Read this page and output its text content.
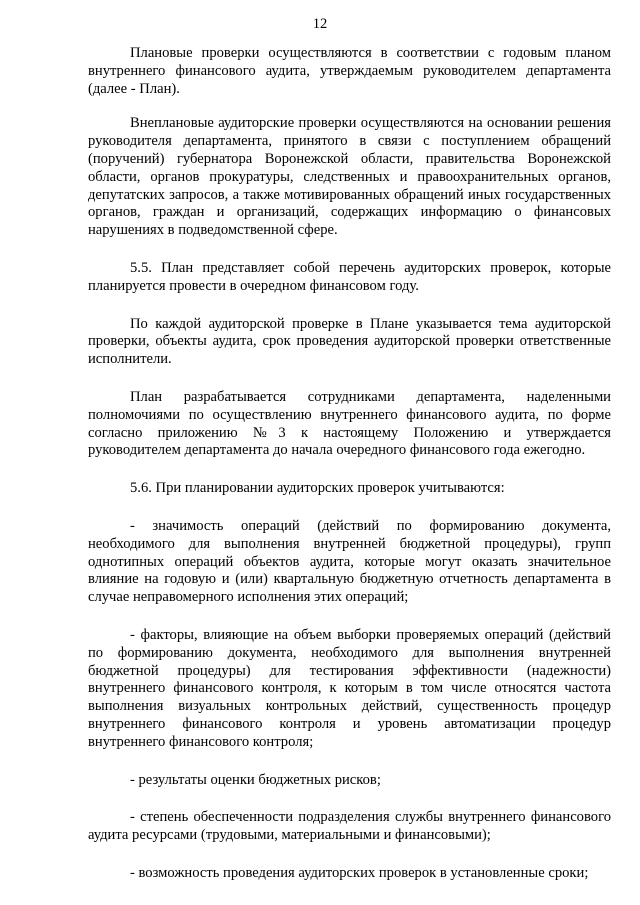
12

Плановые проверки осуществляются в соответствии с годовым планом внутреннего финансового аудита, утверждаемым руководителем департамента (далее - План).

Внеплановые аудиторские проверки осуществляются на основании решения руководителя департамента, принятого в связи с поступлением обращений (поручений) губернатора Воронежской области, правительства Воронежской области, органов прокуратуры, следственных и правоохранительных органов, депутатских запросов, а также мотивированных обращений иных государственных органов, граждан и организаций, содержащих информацию о финансовых нарушениях в подведомственной сфере.

5.5. План представляет собой перечень аудиторских проверок, которые планируется провести в очередном финансовом году.

По каждой аудиторской проверке в Плане указывается тема аудиторской проверки, объекты аудита, срок проведения аудиторской проверки ответственные исполнители.

План разрабатывается сотрудниками департамента, наделенными полномочиями по осуществлению внутреннего финансового аудита, по форме согласно приложению №3 к настоящему Положению и утверждается руководителем департамента до начала очередного финансового года ежегодно.

5.6. При планировании аудиторских проверок учитываются:

- значимость операций (действий по формированию документа, необходимого для выполнения внутренней бюджетной процедуры), групп однотипных операций объектов аудита, которые могут оказать значительное влияние на годовую и (или) квартальную бюджетную отчетность департамента в случае неправомерного исполнения этих операций;

- факторы, влияющие на объем выборки проверяемых операций (действий по формированию документа, необходимого для выполнения внутренней бюджетной процедуры) для тестирования эффективности (надежности) внутреннего финансового контроля, к которым в том числе относятся частота выполнения визуальных контрольных действий, существенность процедур внутреннего финансового контроля и уровень автоматизации процедур внутреннего финансового контроля;

- результаты оценки бюджетных рисков;

- степень обеспеченности подразделения службы внутреннего финансового аудита ресурсами (трудовыми, материальными и финансовыми);

- возможность проведения аудиторских проверок в установленные сроки;
